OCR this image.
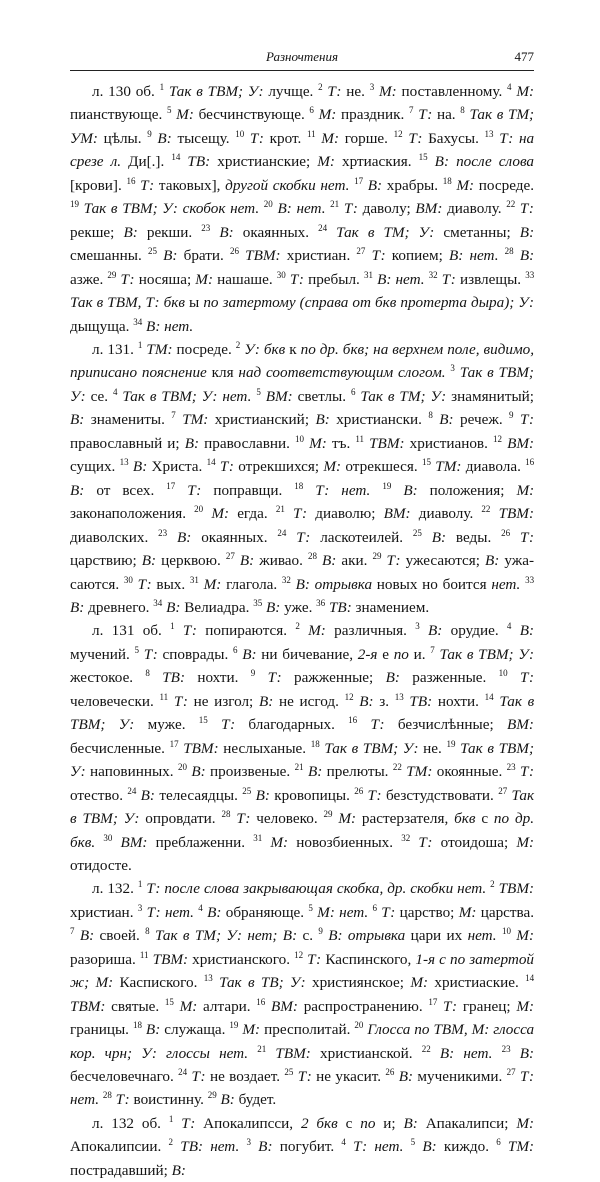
Разночтения	477

л. 130 об. $^1$ Так в ТВМ; У: лучще. $^2$ Т: не. $^3$ М: поставленному. $^4$ М: пианствующе. $^5$ М: бесчинствующе. $^6$ М: праздник. $^7$ Т: на. $^8$ Так в ТМ; УМ: цѣлы. $^9$ В: тысещу. $^{10}$ Т: крот. $^{11}$ М: горше. $^{12}$ Т: Бахусы. $^{13}$ Т: на срезе л. Ди[.]. $^{14}$ ТВ: христианские; М: хртиаския. $^{15}$ В: после слова [крови]. $^{16}$ Т: таковых], другой скобки нет. $^{17}$ В: храбры. $^{18}$ М: посреде. $^{19}$ Так в ТВМ; У: скобок нет. $^{20}$ В: нет. $^{21}$ Т: даволу; ВМ: диаволу. $^{22}$ Т: рекше; В: рекши. $^{23}$ В: окаянных. $^{24}$ Так в ТМ; У: сметанны; В: смешанны. $^{25}$ В: брати. $^{26}$ ТВМ: христиан. $^{27}$ Т: копием; В: нет. $^{28}$ В: азже. $^{29}$ Т: носяша; М: нашаше. $^{30}$ Т: пребыл. $^{31}$ В: нет. $^{32}$ Т: извлещы. $^{33}$ Так в ТВМ, Т: бкв ы по затертому (справа от бкв протерта дыра); У: дыщуща. $^{34}$ В: нет.

л. 131. $^1$ ТМ: посреде. $^2$ У: бкв к по др. бкв; на верхнем поле, видимо, приписано пояснение кля над соответствующим слогом. $^3$ Так в ТВМ; У: се. $^4$ Так в ТВМ; У: нет. $^5$ ВМ: светлы. $^6$ Так в ТМ; У: знамянитый; В: знамениты. $^7$ ТМ: христианский; В: христиански. $^8$ В: речеж. $^9$ Т: православный и; В: православни. $^{10}$ М: тъ. $^{11}$ ТВМ: христианов. $^{12}$ ВМ: сущих. $^{13}$ В: Христа. $^{14}$ Т: отрекшихся; М: отрекшеся. $^{15}$ ТМ: диавола. $^{16}$ В: от всех. $^{17}$ Т: поправщи. $^{18}$ Т: нет. $^{19}$ В: положения; М: законаположения. $^{20}$ М: егда. $^{21}$ Т: диаволю; ВМ: диаволу. $^{22}$ ТВМ: диаволских. $^{23}$ В: окаянных. $^{24}$ Т: ласкотеилей. $^{25}$ В: веды. $^{26}$ Т: царствию; В: церквою. $^{27}$ В: живао. $^{28}$ В: аки. $^{29}$ Т: ужесаются; В: ужасаются. $^{30}$ Т: вых. $^{31}$ М: глагола. $^{32}$ В: отрывка новых но боится нет. $^{33}$ В: древнего. $^{34}$ В: Велиадра. $^{35}$ В: уже. $^{36}$ ТВ: знамением.

л. 131 об. $^1$ Т: попираются. $^2$ М: различныя. $^3$ В: орудие. $^4$ В: мучений. $^5$ Т: споврады. $^6$ В: ни бичевание, 2-я е по и. $^7$ Так в ТВМ; У: жестокое. $^8$ ТВ: нохти. $^9$ Т: ражженные; В: разженные. $^{10}$ Т: человечески. $^{11}$ Т: не изгол; В: не исгод. $^{12}$ В: з. $^{13}$ ТВ: нохти. $^{14}$ Так в ТВМ; У: муже. $^{15}$ Т: благодарных. $^{16}$ Т: безчислѣнные; ВМ: бесчисленные. $^{17}$ ТВМ: неслыханые. $^{18}$ Так в ТВМ; У: не. $^{19}$ Так в ТВМ; У: наповинных. $^{20}$ В: произвеные. $^{21}$ В: прелюты. $^{22}$ ТМ: окоянные. $^{23}$ Т: отество. $^{24}$ В: телесаядцы. $^{25}$ В: кровопицы. $^{26}$ Т: безстудствовати. $^{27}$ Так в ТВМ; У: опровдати. $^{28}$ Т: человеко. $^{29}$ М: растерзателя, бкв с по др. бкв. $^{30}$ ВМ: преблаженни. $^{31}$ М: новозбиенных. $^{32}$ Т: отоидоша; М: отидосте.

л. 132. $^1$ Т: после слова закрывающая скобка, др. скобки нет. $^2$ ТВМ: христиан. $^3$ Т: нет. $^4$ В: обраняюще. $^5$ М: нет. $^6$ Т: царство; М: царства. $^7$ В: своей. $^8$ Так в ТМ; У: нет; В: с. $^9$ В: отрывка цари их нет. $^{10}$ М: разориша. $^{11}$ ТВМ: христианского. $^{12}$ Т: Каспинского, 1-я с по затертой ж; М: Каспиского. $^{13}$ Так в ТВ; У: християнское; М: христиаские. $^{14}$ ТВМ: святые. $^{15}$ М: алтари. $^{16}$ ВМ: распространению. $^{17}$ Т: гранец; М: границы. $^{18}$ В: служаща. $^{19}$ М: пресполитай. $^{20}$ Глосса по ТВМ, М: глосса кор. чрн; У: глоссы нет. $^{21}$ ТВМ: христианской. $^{22}$ В: нет. $^{23}$ В: бесчеловечнаго. $^{24}$ Т: не воздает. $^{25}$ Т: не укасит. $^{26}$ В: мученикими. $^{27}$ Т: нет. $^{28}$ Т: воистинну. $^{29}$ В: будет.

л. 132 об. $^1$ Т: Апокалипсси, 2 бкв с по и; В: Апакалипси; М: Апокалипсии. $^2$ ТВ: нет. $^3$ В: погубит. $^4$ Т: нет. $^5$ В: киждо. $^6$ ТМ: пострадавший; В:
